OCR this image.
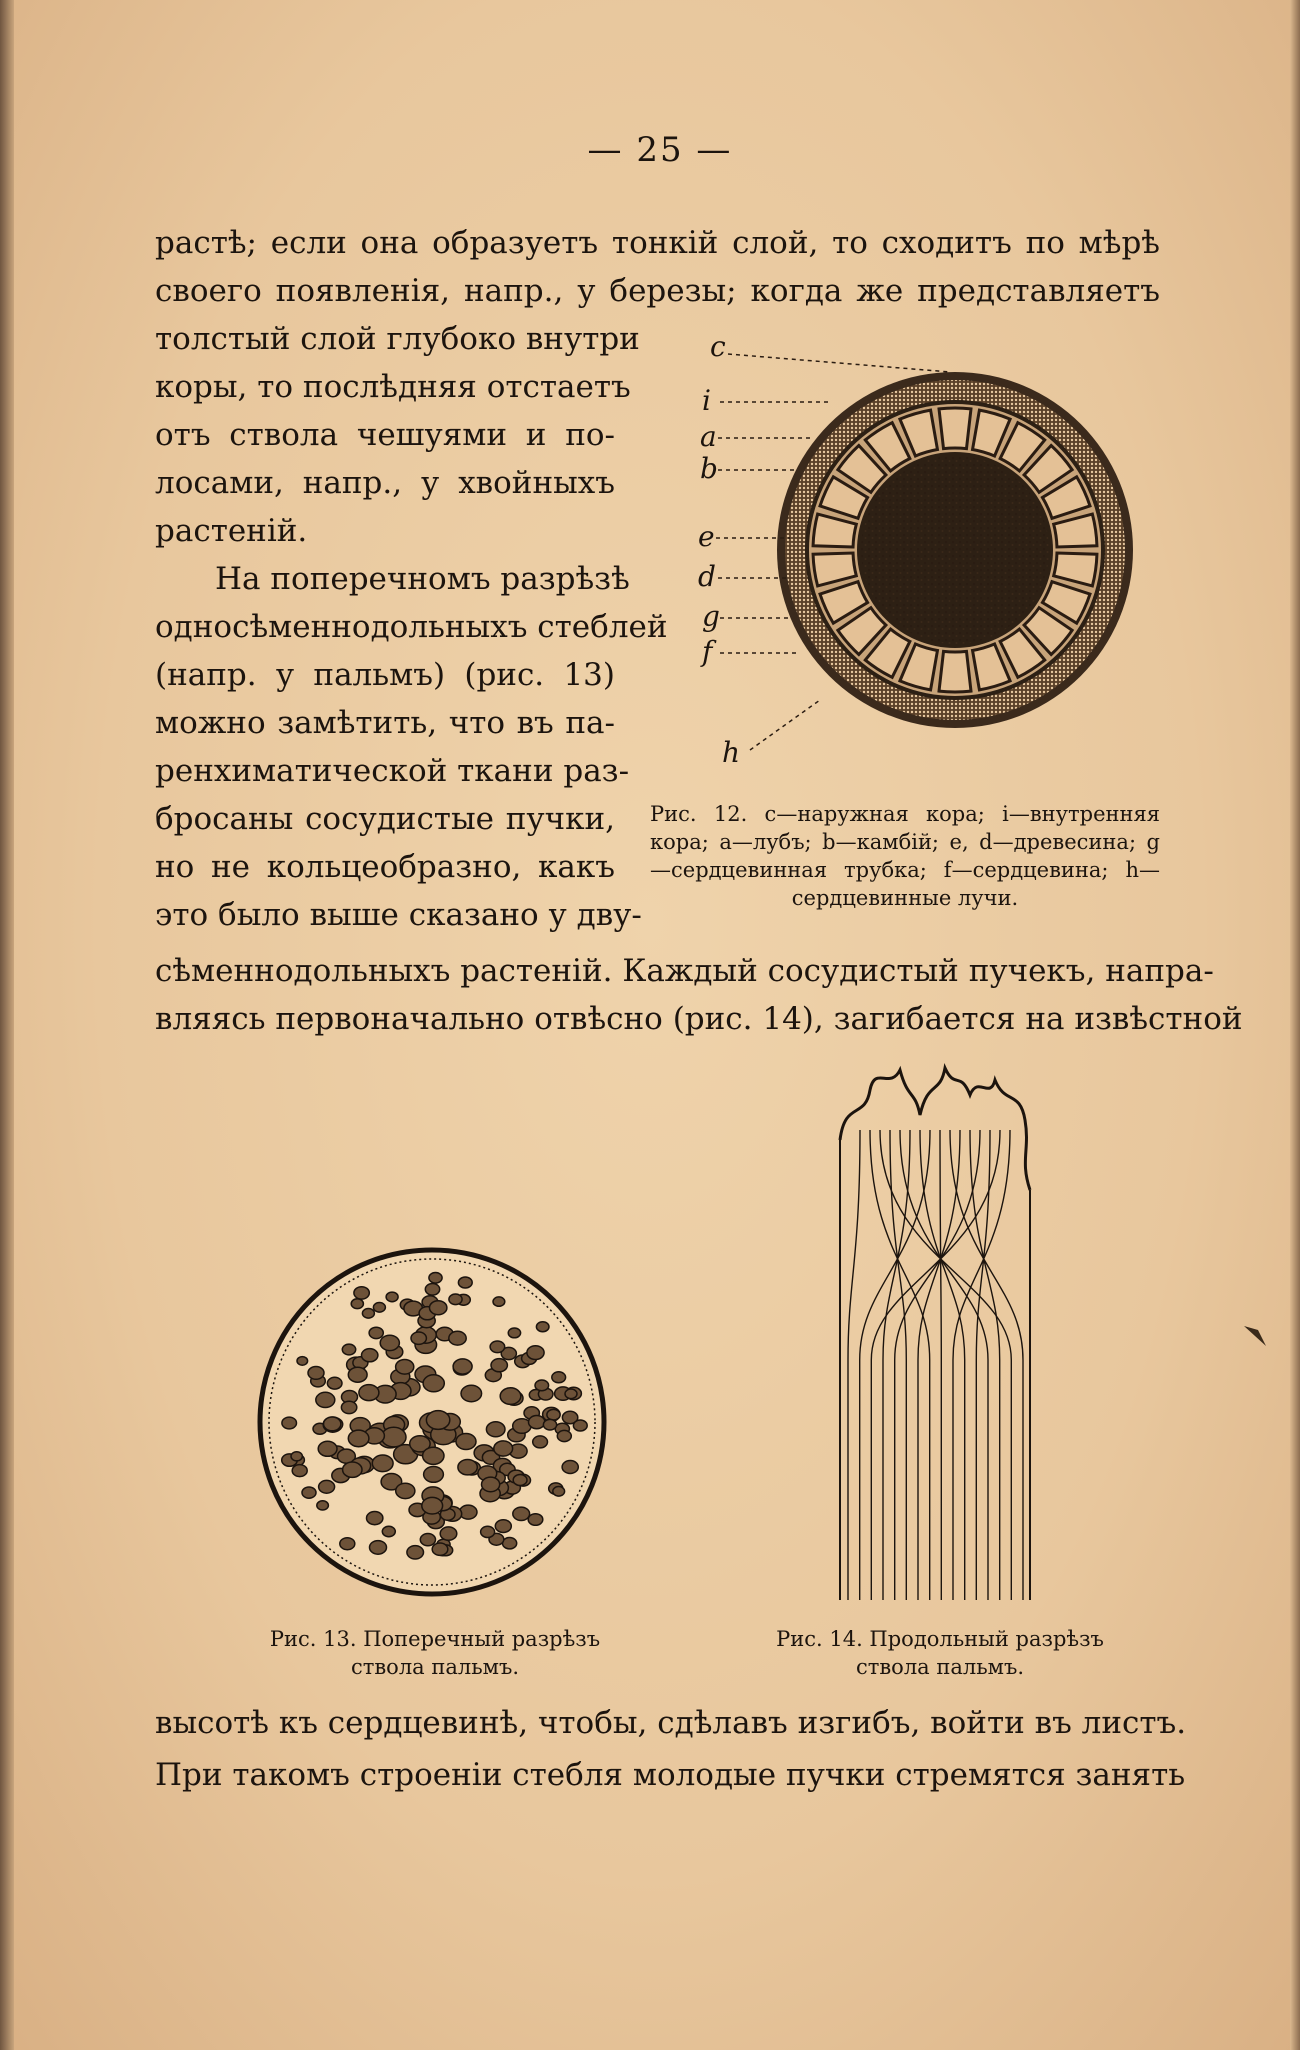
— 25 —
растѣ; если она образуетъ тонкій слой, то сходитъ по мѣрѣ
своего появленія, напр., у березы; когда же представляетъ
толстый слой глубоко внутри
коры, то послѣдняя отстаетъ
отъ ствола чешуями и по-
лосами, напр., у хвойныхъ
растеній.
На поперечномъ разрѣзѣ
односѣменнодольныхъ стеблей
(напр. у пальмъ) (рис. 13)
можно замѣтить, что въ па-
ренхиматической ткани раз-
бросаны сосудистые пучки,
но не кольцеобразно, какъ
это было выше сказано у дву-
сѣменнодольныхъ растеній. Каждый сосудистый пучекъ, напра-
вляясь первоначально отвѣсно (рис. 14), загибается на извѣстной
c
i
a
b
e
d
g
f
h
Рис. 12. c—наружная кора; i—внутренняя кора; a—лубъ; b—камбій; e, d—древесина; g—сердцевинная трубка; f—сердцевина; h—сердцевинные лучи.
Рис. 13. Поперечный разрѣзъ
ствола пальмъ.
Рис. 14. Продольный разрѣзъ
ствола пальмъ.
высотѣ къ сердцевинѣ, чтобы, сдѣлавъ изгибъ, войти въ листъ.
При такомъ строеніи стебля молодые пучки стремятся занять
